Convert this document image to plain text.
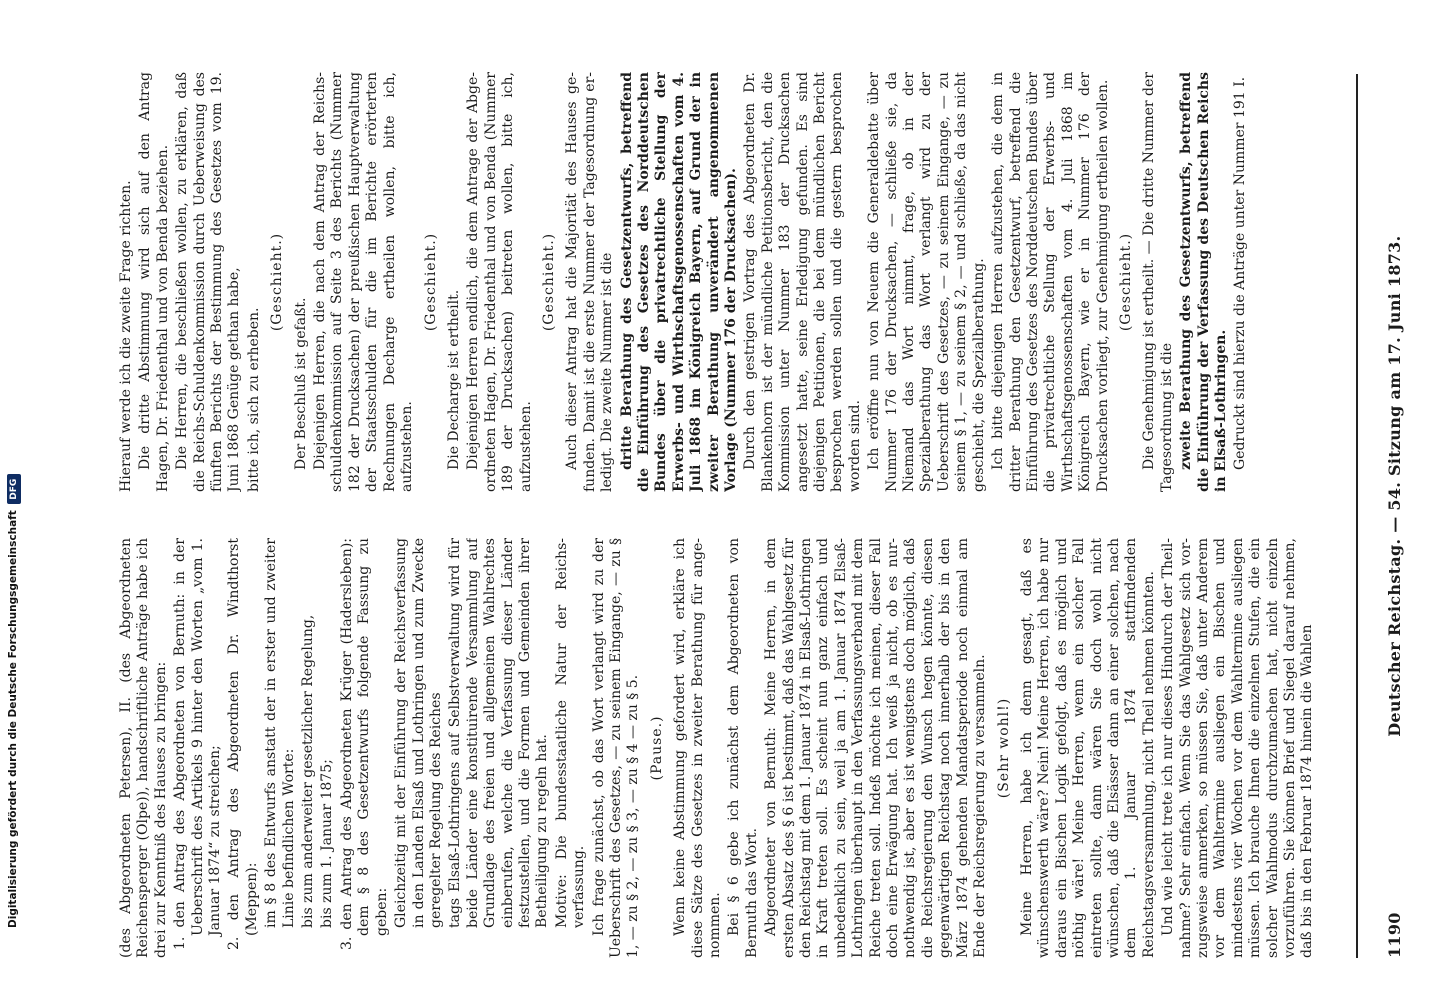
1190
Deutscher Reichstag. — 54. Sitzung am 17. Juni 1873.
(des Abgeordneten Petersen), II. (des Abgeordneten Reichensperger (Olpe)), handschriftliche Anträge habe ich drei zur Kenntniß des Hauses zu bringen: 1. den Antrag des Abgeordneten von Bernuth: in der Ueberschrift des Artikels 9 hinter den Worten „vom 1. Januar 1874“ zu streichen; 2. den Antrag des Abgeordneten Dr. Windthorst (Meppen): im § 8 des Entwurfs anstatt der in erster und zweiter Linie befindlichen Worte: bis zum anderweiter gesetzlicher Regelung, bis zum 1. Januar 1875; 3. den Antrag des Abgeordneten Krüger (Hadersleben): dem § 8 des Gesetzentwurfs folgende Fassung zu geben: Gleichzeitig mit der Einführung der Reichsverfassung in den Landen Elsaß und Lothringen und zum Zwecke geregelter Regelung des Reiches tags Elsaß-Lothringens auf Selbstverwaltung wird für beide Länder eine konstituirende Versammlung auf Grundlage des freien und allgemeinen Wahlrechtes einberufen, welche die Verfassung dieser Länder festzustellen, und die Formen und Gemeinden ihrer Betheiligung zu regeln hat. Motive: Die bundesstaatliche Natur der Reichsverfassung. Ich frage zunächst, ob das Wort verlangt wird zu der Ueberschrift des Gesetzes, — zu seinem Eingange, — zu § 1, — zu § 2, — zu § 3, — zu § 4 — zu § 5. (Pause.) Wenn keine Abstimmung gefordert wird, erkläre ich diese Sätze des Gesetzes in zweiter Berathung für angenommen. Bei § 6 gebe ich zunächst dem Abgeordneten von Bernuth das Wort. Abgeordneter von Bernuth: Meine Herren, in dem ersten Absatz des § 6 ist bestimmt, daß das Wahlgesetz für den Reichstag mit dem 1. Januar 1874 in Elsaß-Lothringen in Kraft treten soll. Es scheint nun ganz einfach und unbedenklich zu sein, weil ja am 1. Januar 1874 Elsaß-Lothringen überhaupt in den Verfassungsverband mit dem Reiche treten soll. Indeß möchte ich meinen, dieser Fall doch eine Erwägung hat. Ich weiß ja nicht, ob es nurnothwendig ist, aber es ist wenigstens doch möglich, daß die Reichsregierung den Wunsch hegen könnte, diesen gegenwärtigen Reichstag noch innerhalb der bis in den März 1874 gehenden Mandatsperiode noch einmal am Ende der Reichsregierung zu versammeln. (Sehr wohl!) Meine Herren, habe ich denn gesagt, daß es wünschenswerth wäre? Nein! Meine Herren, ich habe nur daraus ein Bischen Logik gefolgt, daß es möglich und nöthig wäre! Meine Herren, wenn ein solcher Fall eintreten sollte, dann wären Sie doch wohl nicht wünschen, daß die Elsässer dann an einer solchen, nach dem 1. Januar 1874 stattfindenden Reichstagsversammlung, nicht Theil nehmen könnten. Und wie leicht trete ich nur dieses Hindurch der Theilnahme? Sehr einfach. Wenn Sie das Wahlgesetz sich vorzugsweise anmerken, so müssen Sie, daß unter Anderem vor dem Wahltermine ausliegen ein Bischen und mindestens vier Wochen vor dem Wahltermine ausliegen müssen. Ich brauche Ihnen die einzelnen Stufen, die ein solcher Wahlmodus durchzumachen hat, nicht einzeln vorzuführen. Sie können Brief und Siegel darauf nehmen, daß bis in den Februar 1874 hinein die Wahlen
Hierauf werde ich die zweite Frage richten. Die dritte Abstimmung wird sich auf den Antrag Hagen, Dr. Friedenthal und von Benda beziehen. Die Herren, die beschließen wollen, zu erklären, daß die Reichs-Schuldenkommission durch Ueberweisung des fünften Berichts der Bestimmung des Gesetzes vom 19. Juni 1868 Genüge gethan habe, bitte ich, sich zu erheben.
(Geschieht.)
Der Beschluß ist gefaßt. Diejenigen Herren, die nach dem Antrag der Reichsschuldenkommission auf Seite 3 des Berichts (Nummer 182 der Drucksachen) der preußischen Hauptverwaltung der Staatsschulden für die im Berichte erörterten Rechnungen Decharge ertheilen wollen, bitte ich, aufzustehen.
(Geschieht.)
Die Decharge ist ertheilt. Diejenigen Herren endlich, die dem Antrage der Abgeordneten Hagen, Dr. Friedenthal und von Benda (Nummer 189 der Drucksachen) beitreten wollen, bitte ich, aufzustehen.
(Geschieht.) Auch dieser Antrag hat die Majorität des Hauses gefunden. Damit ist die erste Nummer der Tagesordnung erledigt. Die zweite Nummer ist die dritte Berathung des Gesetzentwurfs, betreffend die Einführung des Gesetzes des Norddeutschen Bundes über die privatrechtliche Stellung der Erwerbs- und Wirthschaftsgenossenschaften vom 4. Juli 1868 im Königreich Bayern, auf Grund der in zweiter Berathung unverändert angenommenen Vorlage (Nummer 176 der Drucksachen). Durch den gestrigen Vortrag des Abgeordneten Dr. Blankenhorn ist der mündliche Petitionsbericht, den die Kommission unter Nummer 183 der Drucksachen angesetzt hatte, seine Erledigung gefunden. Es sind diejenigen Petitionen, die bei dem mündlichen Bericht besprochen werden sollen und die gestern besprochen worden sind. Ich eröffne nun von Neuem die Generaldebatte über Nummer 176 der Drucksachen, — schließe sie, da Niemand das Wort nimmt, frage, ob in der Spezialberathung das Wort verlangt wird zu der Ueberschrift des Gesetzes, — zu seinem Eingange, — zu seinem § 1, — zu seinem § 2, — und schließe, da das nicht geschieht, die Spezialberathung. Ich bitte diejenigen Herren aufzustehen, die dem in dritter Berathung den Gesetzentwurf, betreffend die Einführung des Gesetzes des Norddeutschen Bundes über die privatrechtliche Stellung der Erwerbs- und Wirthschaftsgenossenschaften vom 4. Juli 1868 im Königreich Bayern, wie er in Nummer 176 der Drucksachen vorliegt, zur Genehmigung ertheilen wollen. (Geschieht.) Die Genehmigung ist ertheilt. — Die dritte Nummer der Tagesordnung ist die zweite Berathung des Gesetzentwurfs, betreffend die Einführung der Verfassung des Deutschen Reichs in Elsaß-Lothringen. Gedruckt sind hierzu die Anträge unter Nummer 191 I.
Digitalisierung gefördert durch die Deutsche Forschungsgemeinschaft
DFG
